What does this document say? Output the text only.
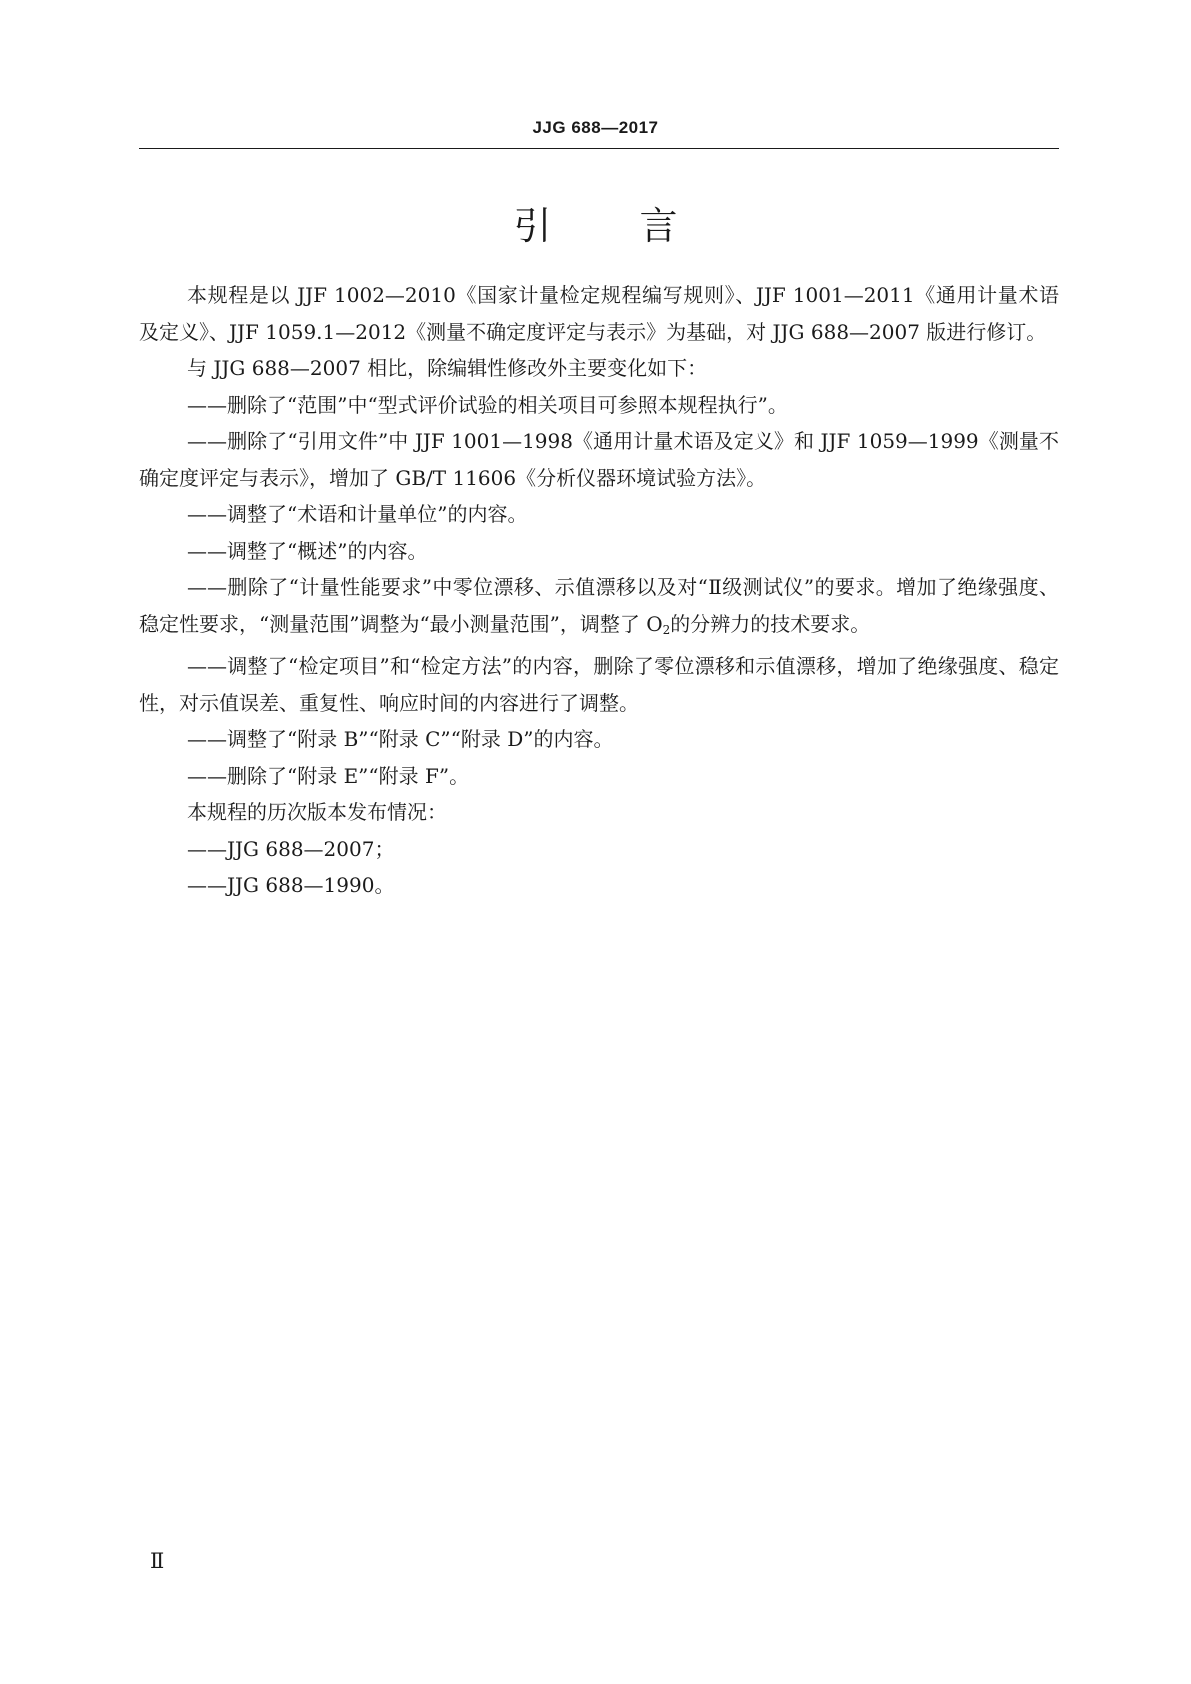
JJG 688—2017
引言

本规程是以 JJF 1002—2010《国家计量检定规程编写规则》、JJF 1001—2011《通用计量术语及定义》、JJF 1059.1—2012《测量不确定度评定与表示》为基础，对 JJG 688—2007 版进行修订。

与 JJG 688—2007 相比，除编辑性修改外主要变化如下：

——删除了“范围”中“型式评价试验的相关项目可参照本规程执行”。

——删除了“引用文件”中 JJF 1001—1998《通用计量术语及定义》和 JJF 1059—1999《测量不确定度评定与表示》，增加了 GB/T 11606《分析仪器环境试验方法》。

——调整了“术语和计量单位”的内容。

——调整了“概述”的内容。

——删除了“计量性能要求”中零位漂移、示值漂移以及对“Ⅱ级测试仪”的要求。增加了绝缘强度、稳定性要求，“测量范围”调整为“最小测量范围”，调整了 $O_2$的分辨力的技术要求。

——调整了“检定项目”和“检定方法”的内容，删除了零位漂移和示值漂移，增加了绝缘强度、稳定性，对示值误差、重复性、响应时间的内容进行了调整。

——调整了“附录 B”“附录 C”“附录 D”的内容。

——删除了“附录 E”“附录 F”。

本规程的历次版本发布情况：

——JJG 688—2007；

——JJG 688—1990。

Ⅱ
